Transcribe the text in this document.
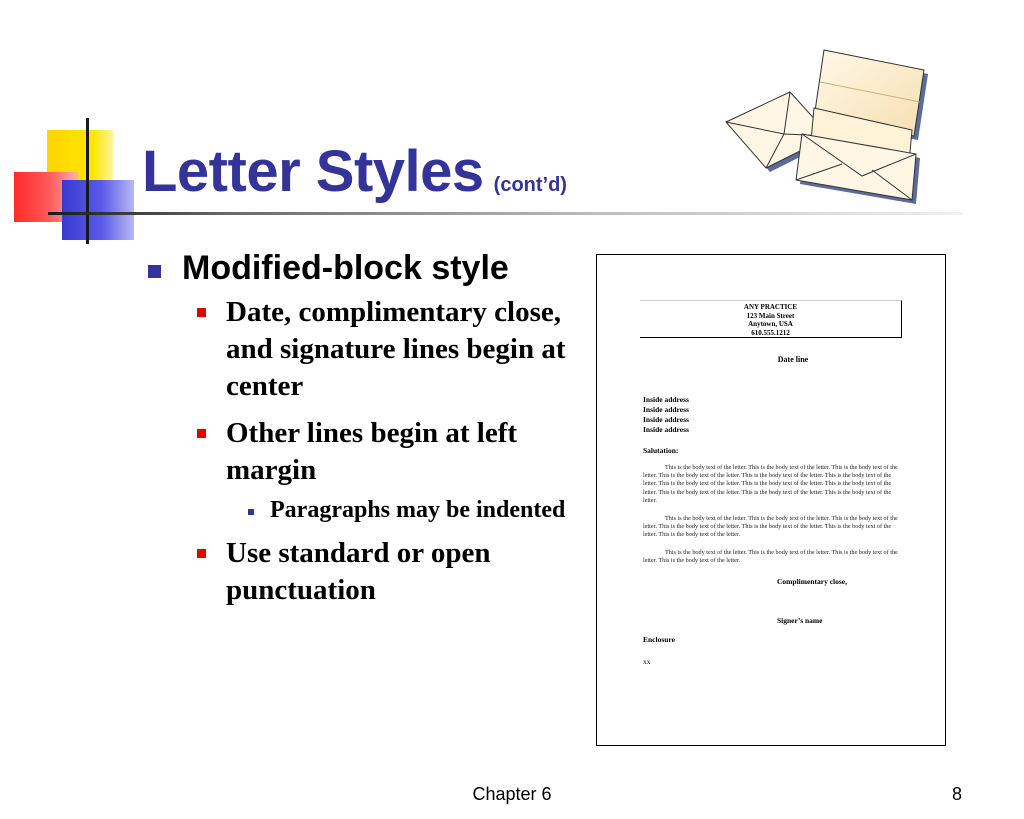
Letter Styles (cont’d)
Modified-block style
Date, complimentary close, and signature lines begin at center
Other lines begin at left margin
Paragraphs may be indented
Use standard or open punctuation
ANY PRACTICE
123 Main Street
Anytown, USA
610.555.1212
Date line
Inside address
Inside address
Inside address
Inside address
Salutation:
This is the body text of the letter. This is the body text of the letter. This is the body text of the letter. This is the body text of the letter. This is the body text of the letter. This is the body text of the letter. This is the body text of the letter. This is the body text of the letter. This is the body text of the letter. This is the body text of the letter. This is the body text of the letter. This is the body text of the letter.
This is the body text of the letter. This is the body text of the letter. This is the body text of the letter. This is the body text of the letter. This is the body text of the letter. This is the body text of the letter. This is the body text of the letter.
This is the body text of the letter. This is the body text of the letter. This is the body text of the letter. This is the body text of the letter.
Complimentary close,
Signer’s name
Enclosure
xx
Chapter 6	8
